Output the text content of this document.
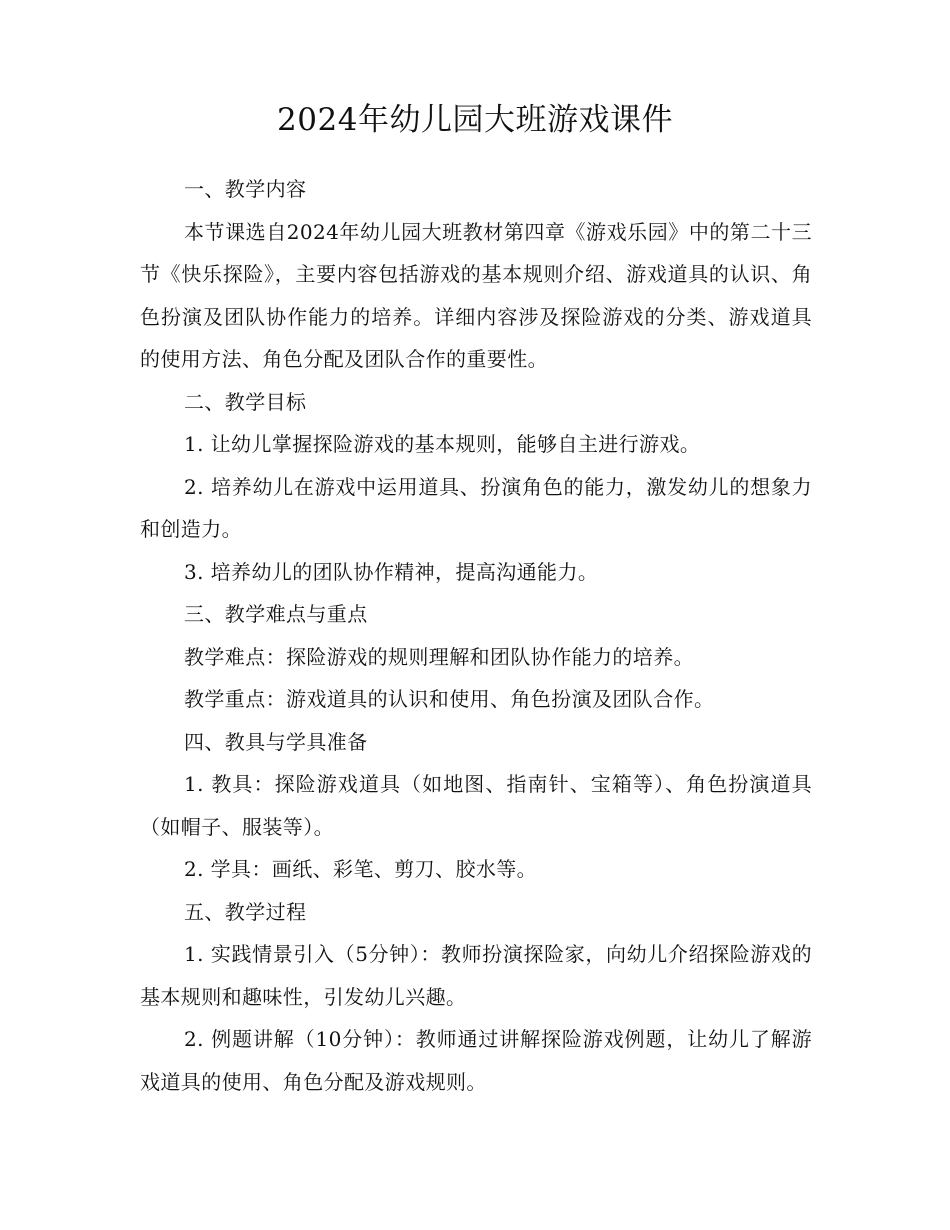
2024年幼儿园大班游戏课件

一、教学内容

本节课选自2024年幼儿园大班教材第四章《游戏乐园》中的第二十三节《快乐探险》，主要内容包括游戏的基本规则介绍、游戏道具的认识、角色扮演及团队协作能力的培养。详细内容涉及探险游戏的分类、游戏道具的使用方法、角色分配及团队合作的重要性。

二、教学目标

1. 让幼儿掌握探险游戏的基本规则，能够自主进行游戏。

2. 培养幼儿在游戏中运用道具、扮演角色的能力，激发幼儿的想象力和创造力。

3. 培养幼儿的团队协作精神，提高沟通能力。

三、教学难点与重点

教学难点：探险游戏的规则理解和团队协作能力的培养。

教学重点：游戏道具的认识和使用、角色扮演及团队合作。

四、教具与学具准备

1. 教具：探险游戏道具（如地图、指南针、宝箱等）、角色扮演道具（如帽子、服装等）。

2. 学具：画纸、彩笔、剪刀、胶水等。

五、教学过程

1. 实践情景引入（5分钟）：教师扮演探险家，向幼儿介绍探险游戏的基本规则和趣味性，引发幼儿兴趣。

2. 例题讲解（10分钟）：教师通过讲解探险游戏例题，让幼儿了解游戏道具的使用、角色分配及游戏规则。
